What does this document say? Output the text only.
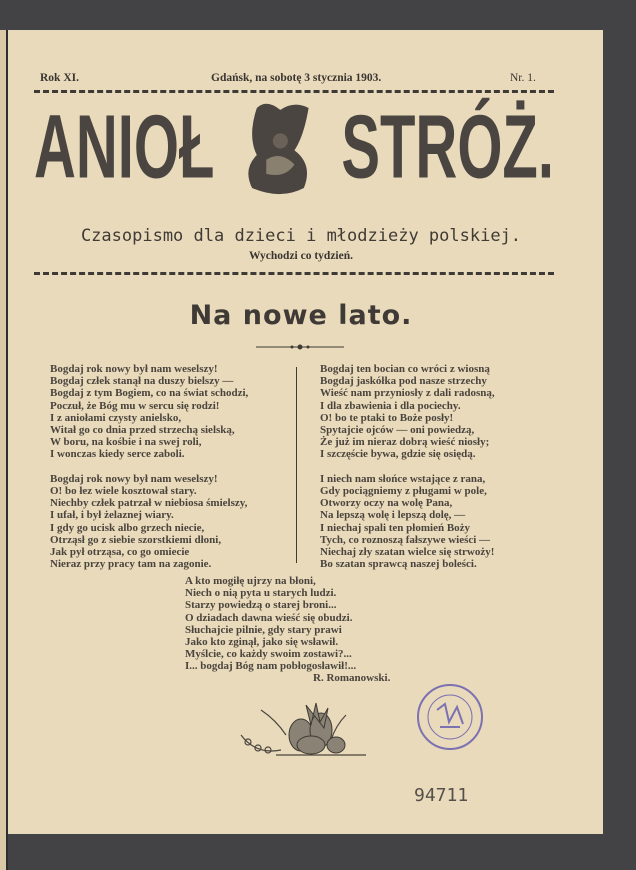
Rok XI.	Gdańsk, na sobotę 3 stycznia 1903.	Nr. 1.
ANIOŁ STRÓŻ.
Czasopismo dla dzieci i młodzieży polskiej.
Wychodzi co tydzień.
Na nowe lato.
Bogdaj rok nowy był nam weselszy!
Bogdaj człek stanął na duszy bielszy —
Bogdaj z tym Bogiem, co na świat schodzi,
Poczuł, że Bóg mu w sercu się rodzi!
I z aniołami czysty anielsko,
Witał go co dnia przed strzechą sielską,
W boru, na kośbie i na swej roli,
I wonczas kiedy serce zaboli.
Bogdaj rok nowy był nam weselszy!
O! bo łez wiele kosztował stary.
Niechby człek patrzał w niebiosa śmielszy,
I ufał, i był żelaznej wiary.
I gdy go ucisk albo grzech niecie,
Otrząsł go z siebie szorstkiemi dłoni,
Jak pył otrząsa, co go omiecie
Nieraz przy pracy tam na zagonie.
Bogdaj ten bocian co wróci z wiosną
Bogdaj jaskółka pod nasze strzechy
Wieść nam przyniosły z dali radosną,
I dla zbawienia i dla pociechy.
O! bo te ptaki to Boże posły!
Spytajcie ojców — oni powiedzą,
Że już im nieraz dobrą wieść niosły;
I szczęście bywa, gdzie się osiędą.
I niech nam słońce wstające z rana,
Gdy pociągniemy z pługami w pole,
Otworzy oczy na wolę Pana,
Na lepszą wolę i lepszą dolę, —
I niechaj spali ten płomień Boży
Tych, co roznoszą fałszywe wieści —
Niechaj zły szatan wielce się strwoży!
Bo szatan sprawcą naszej boleści.
A kto mogiłę ujrzy na błoni,
Niech o nią pyta u starych ludzi.
Starzy powiedzą o starej broni...
O dziadach dawna wieść się obudzi.
Słuchajcie pilnie, gdy stary prawi
Jako kto zginął, jako się wsławił.
Myślcie, co każdy swoim zostawi?...
I... bogdaj Bóg nam pobłogosławił!...
R. Romanowski.
94711
